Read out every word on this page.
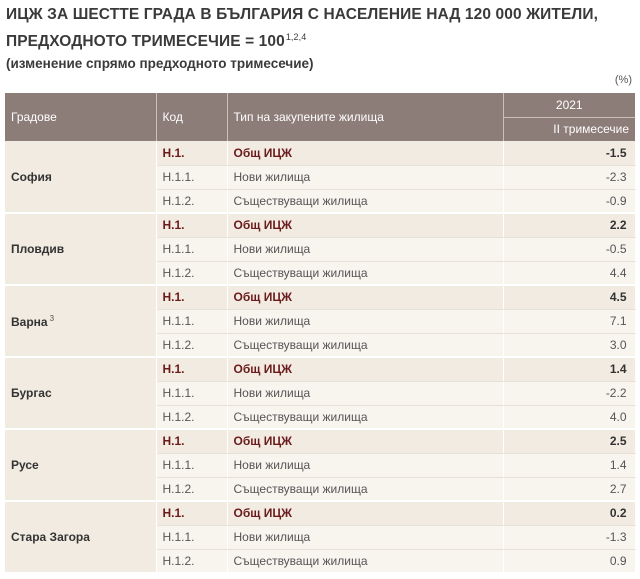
ИЦЖ ЗА ШЕСТТЕ ГРАДА В БЪЛГАРИЯ С НАСЕЛЕНИЕ НАД 120 000 ЖИТЕЛИ,
ПРЕДХОДНОТО ТРИМЕСЕЧИЕ = $100^{1,2,4}$
(изменение спрямо предходното тримесечие)
(%)
Градове	Код	Тип на закупените жилища	2021
			II тримесечие
София	Н.1.	Общ ИЦЖ	-1.5
	Н.1.1.	Нови жилища	-2.3
	Н.1.2.	Съществуващи жилища	-0.9
Пловдив	Н.1.	Общ ИЦЖ	2.2
	Н.1.1.	Нови жилища	-0.5
	Н.1.2.	Съществуващи жилища	4.4
Варна $^3$	Н.1.	Общ ИЦЖ	4.5
	Н.1.1.	Нови жилища	7.1
	Н.1.2.	Съществуващи жилища	3.0
Бургас	Н.1.	Общ ИЦЖ	1.4
	Н.1.1.	Нови жилища	-2.2
	Н.1.2.	Съществуващи жилища	4.0
Русе	Н.1.	Общ ИЦЖ	2.5
	Н.1.1.	Нови жилища	1.4
	Н.1.2.	Съществуващи жилища	2.7
Стара Загора	Н.1.	Общ ИЦЖ	0.2
	Н.1.1.	Нови жилища	-1.3
	Н.1.2.	Съществуващи жилища	0.9
